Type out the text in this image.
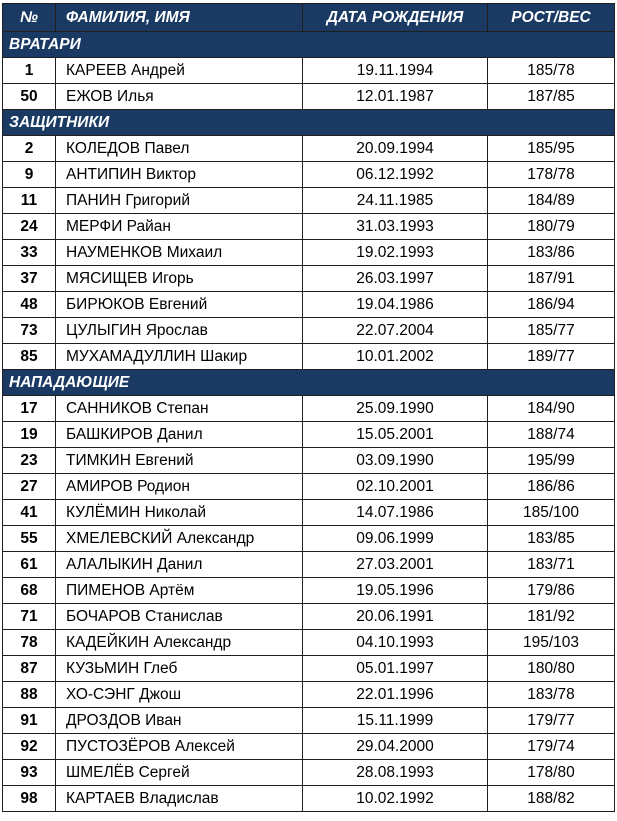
№	ФАМИЛИЯ, ИМЯ	ДАТА РОЖДЕНИЯ	РОСТ/ВЕС
ВРАТАРИ			
1	КАРЕЕВ Андрей	19.11.1994	185/78
50	ЕЖОВ Илья	12.01.1987	187/85
ЗАЩИТНИКИ			
2	КОЛЕДОВ Павел	20.09.1994	185/95
9	АНТИПИН Виктор	06.12.1992	178/78
11	ПАНИН Григорий	24.11.1985	184/89
24	МЕРФИ Райан	31.03.1993	180/79
33	НАУМЕНКОВ Михаил	19.02.1993	183/86
37	МЯСИЩЕВ Игорь	26.03.1997	187/91
48	БИРЮКОВ Евгений	19.04.1986	186/94
73	ЦУЛЫГИН Ярослав	22.07.2004	185/77
85	МУХАМАДУЛЛИН Шакир	10.01.2002	189/77
НАПАДАЮЩИЕ			
17	САННИКОВ Степан	25.09.1990	184/90
19	БАШКИРОВ Данил	15.05.2001	188/74
23	ТИМКИН Евгений	03.09.1990	195/99
27	АМИРОВ Родион	02.10.2001	186/86
41	КУЛЁМИН Николай	14.07.1986	185/100
55	ХМЕЛЕВСКИЙ Александр	09.06.1999	183/85
61	АЛАЛЫКИН Данил	27.03.2001	183/71
68	ПИМЕНОВ Артём	19.05.1996	179/86
71	БОЧАРОВ Станислав	20.06.1991	181/92
78	КАДЕЙКИН Александр	04.10.1993	195/103
87	КУЗЬМИН Глеб	05.01.1997	180/80
88	ХО-СЭНГ Джош	22.01.1996	183/78
91	ДРОЗДОВ Иван	15.11.1999	179/77
92	ПУСТОЗЁРОВ Алексей	29.04.2000	179/74
93	ШМЕЛЁВ Сергей	28.08.1993	178/80
98	КАРТАЕВ Владислав	10.02.1992	188/82
